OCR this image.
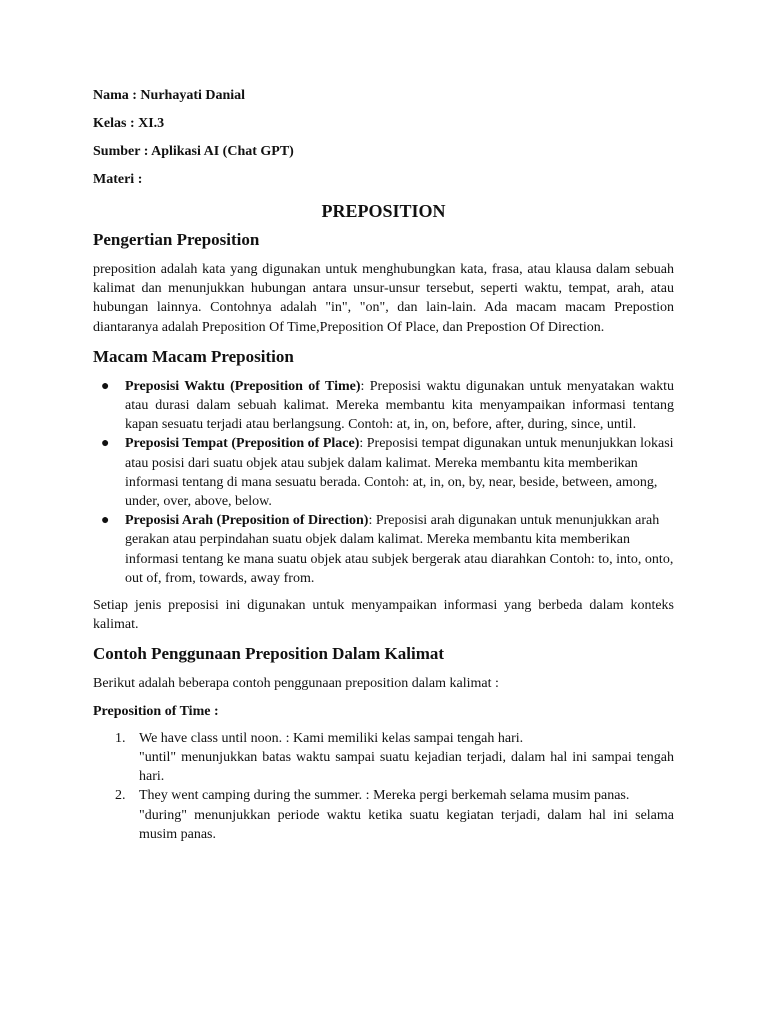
Nama : Nurhayati Danial
Kelas : XI.3
Sumber : Aplikasi AI (Chat GPT)
Materi :
PREPOSITION
Pengertian Preposition

preposition adalah kata yang digunakan untuk menghubungkan kata, frasa, atau klausa dalam sebuah kalimat dan menunjukkan hubungan antara unsur-unsur tersebut, seperti waktu, tempat, arah, atau hubungan lainnya. Contohnya adalah "in", "on", dan lain-lain. Ada macam macam Prepostion diantaranya adalah Preposition Of Time,Preposition Of Place, dan Prepostion Of Direction.

Macam Macam Preposition
● Preposisi Waktu (Preposition of Time): Preposisi waktu digunakan untuk menyatakan waktu atau durasi dalam sebuah kalimat. Mereka membantu kita menyampaikan informasi tentang kapan sesuatu terjadi atau berlangsung. Contoh: at, in, on, before, after, during, since, until.
● Preposisi Tempat (Preposition of Place): Preposisi tempat digunakan untuk menunjukkan lokasi atau posisi dari suatu objek atau subjek dalam kalimat. Mereka membantu kita memberikan informasi tentang di mana sesuatu berada. Contoh: at, in, on, by, near, beside, between, among, under, over, above, below.
● Preposisi Arah (Preposition of Direction): Preposisi arah digunakan untuk menunjukkan arah gerakan atau perpindahan suatu objek dalam kalimat. Mereka membantu kita memberikan informasi tentang ke mana suatu objek atau subjek bergerak atau diarahkan Contoh: to, into, onto, out of, from, towards, away from.

Setiap jenis preposisi ini digunakan untuk menyampaikan informasi yang berbeda dalam konteks kalimat.

Contoh Penggunaan Preposition Dalam Kalimat

Berikut adalah beberapa contoh penggunaan preposition dalam kalimat :

Preposition of Time :

1. We have class until noon. : Kami memiliki kelas sampai tengah hari.
"until" menunjukkan batas waktu sampai suatu kejadian terjadi, dalam hal ini sampai tengah hari.
2. They went camping during the summer. : Mereka pergi berkemah selama musim panas.
"during" menunjukkan periode waktu ketika suatu kegiatan terjadi, dalam hal ini selama musim panas.
